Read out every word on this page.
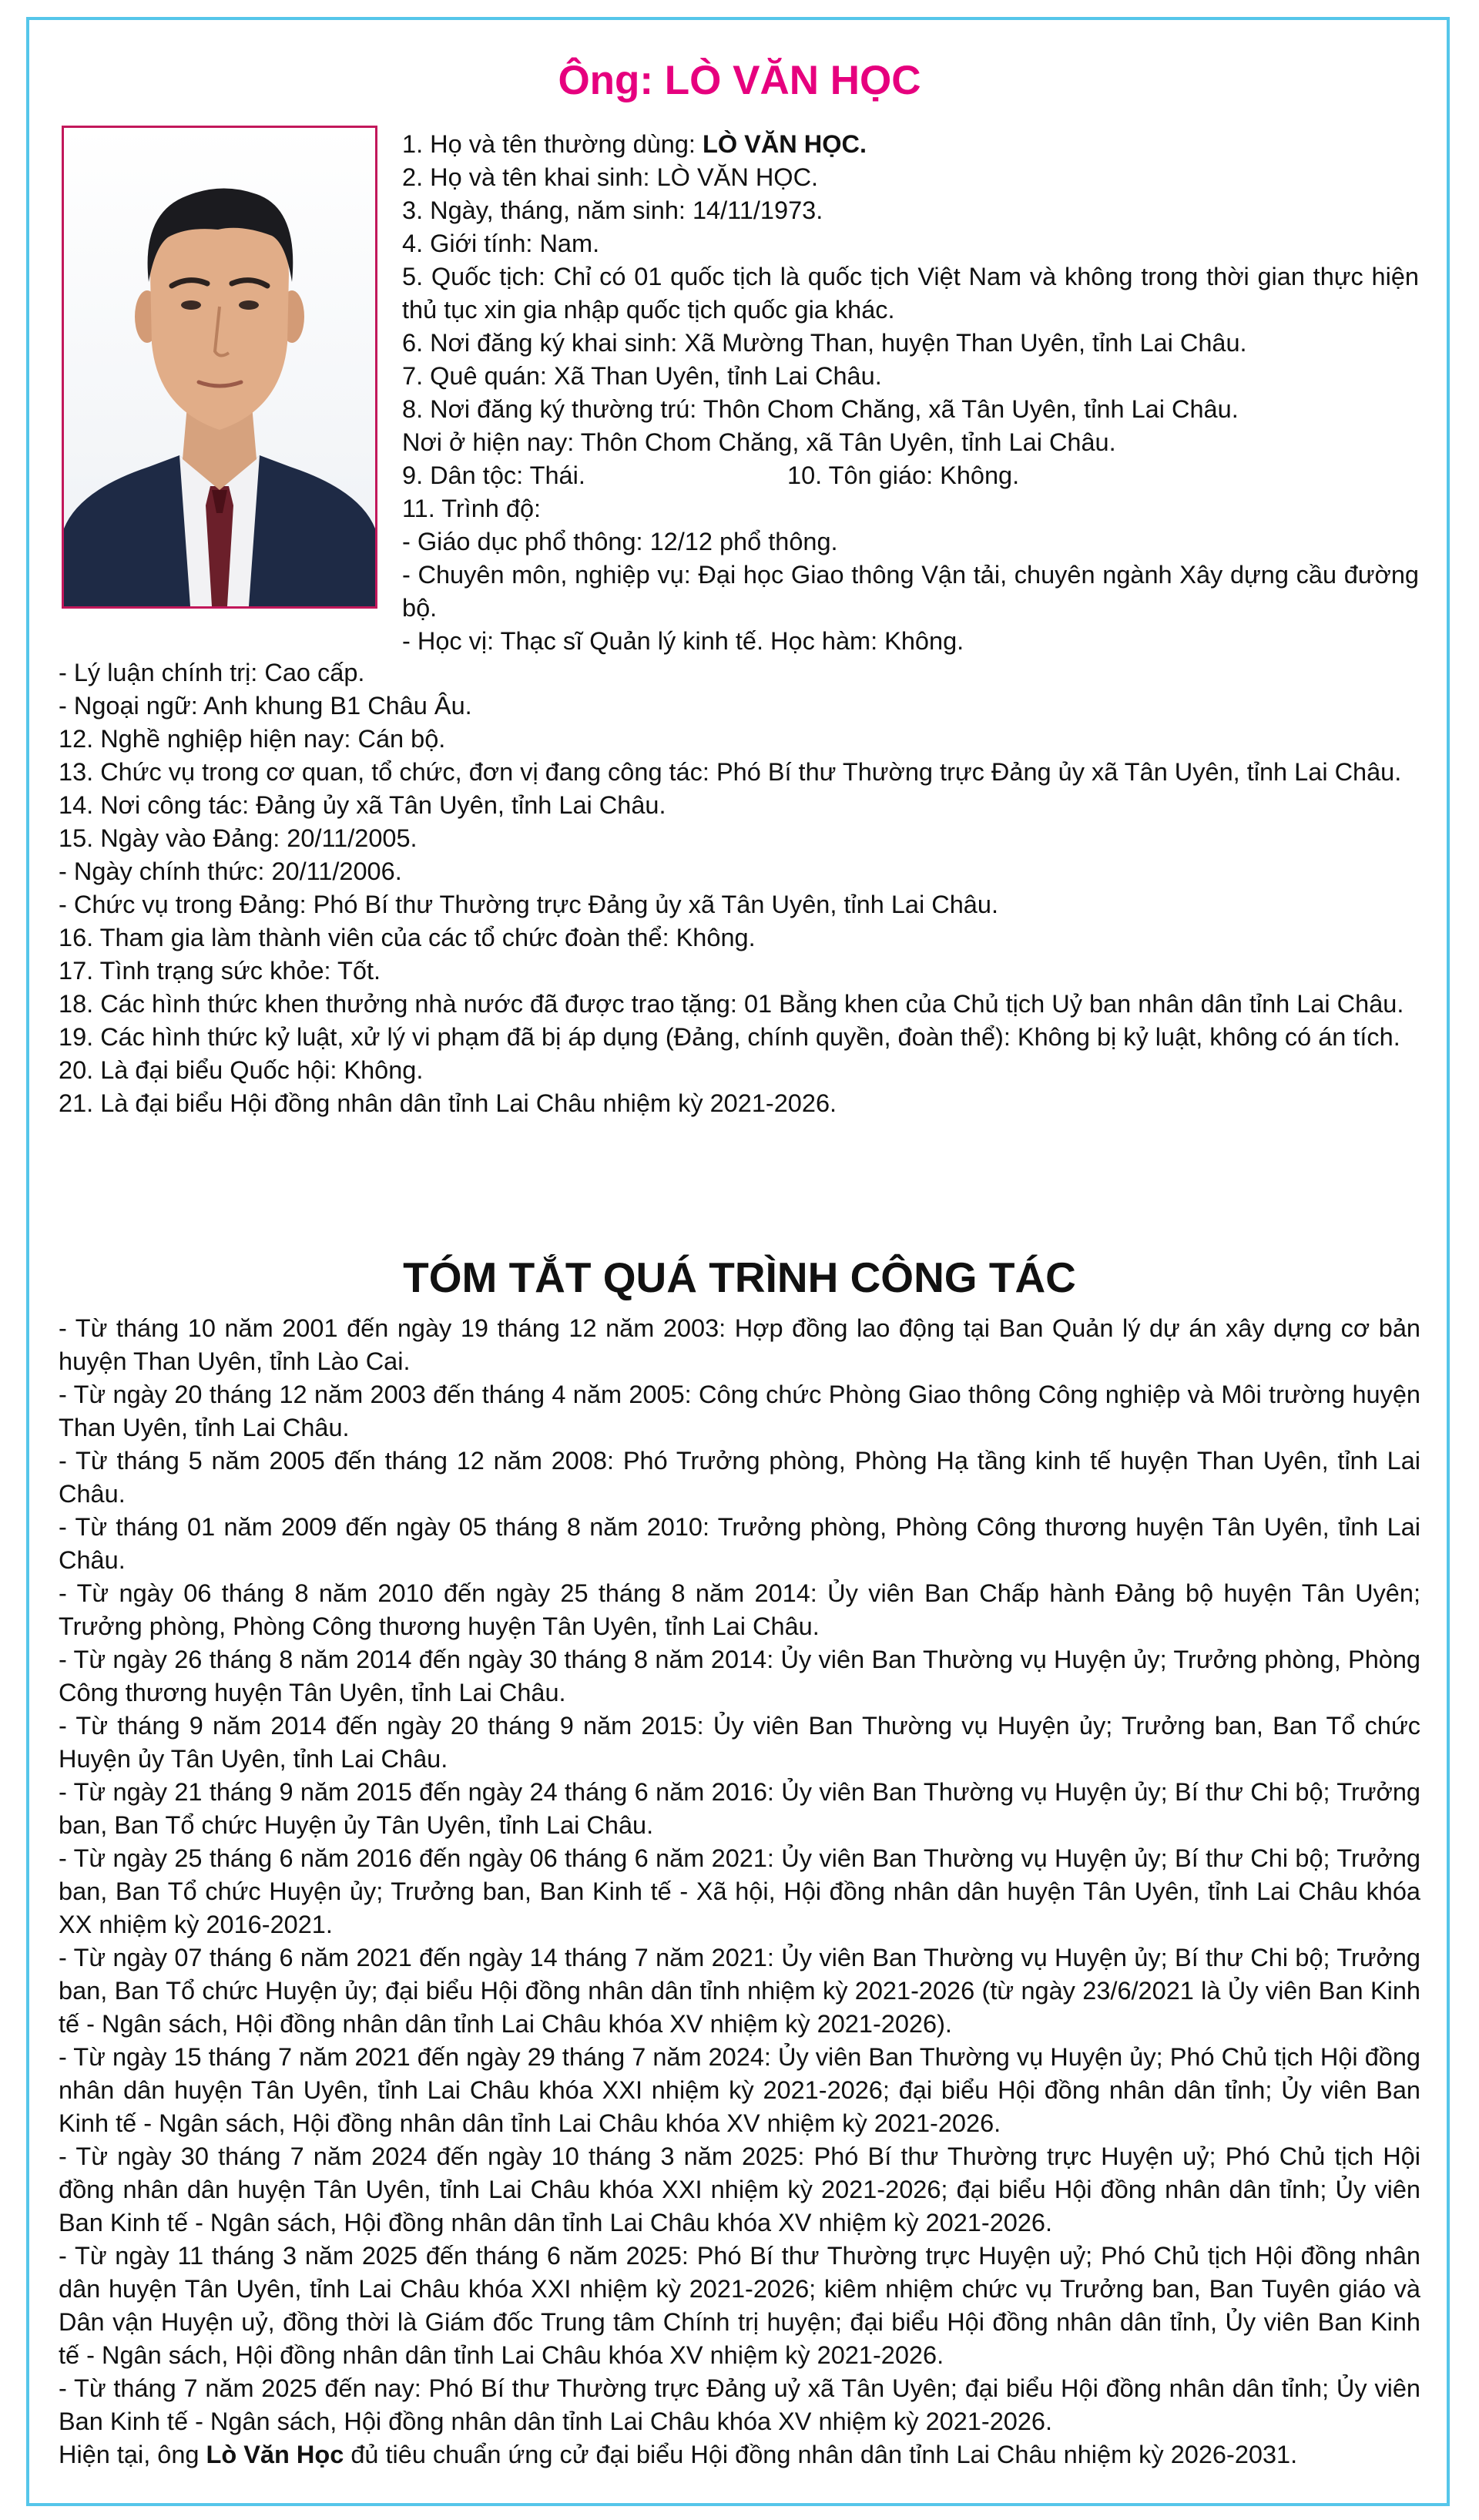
Ông: LÒ VĂN HỌC

1. Họ và tên thường dùng: LÒ VĂN HỌC.

2. Họ và tên khai sinh: LÒ VĂN HỌC.

3. Ngày, tháng, năm sinh: 14/11/1973.

4. Giới tính: Nam.

5. Quốc tịch: Chỉ có 01 quốc tịch là quốc tịch Việt Nam và không trong thời gian thực hiện thủ tục xin gia nhập quốc tịch quốc gia khác.

6. Nơi đăng ký khai sinh: Xã Mường Than, huyện Than Uyên, tỉnh Lai Châu.

7. Quê quán: Xã Than Uyên, tỉnh Lai Châu.

8. Nơi đăng ký thường trú: Thôn Chom Chăng, xã Tân Uyên, tỉnh Lai Châu.

Nơi ở hiện nay: Thôn Chom Chăng, xã Tân Uyên, tỉnh Lai Châu.

9. Dân tộc: Thái.	10. Tôn giáo: Không.

11. Trình độ:

- Giáo dục phổ thông: 12/12 phổ thông.

- Chuyên môn, nghiệp vụ: Đại học Giao thông Vận tải, chuyên ngành Xây dựng cầu đường bộ.

- Học vị: Thạc sĩ Quản lý kinh tế. Học hàm: Không.

- Lý luận chính trị: Cao cấp.

- Ngoại ngữ: Anh khung B1 Châu Âu.

12. Nghề nghiệp hiện nay: Cán bộ.

13. Chức vụ trong cơ quan, tổ chức, đơn vị đang công tác: Phó Bí thư Thường trực Đảng ủy xã Tân Uyên, tỉnh Lai Châu.

14. Nơi công tác: Đảng ủy xã Tân Uyên, tỉnh Lai Châu.

15. Ngày vào Đảng: 20/11/2005.

- Ngày chính thức: 20/11/2006.

- Chức vụ trong Đảng: Phó Bí thư Thường trực Đảng ủy xã Tân Uyên, tỉnh Lai Châu.

16. Tham gia làm thành viên của các tổ chức đoàn thể: Không.

17. Tình trạng sức khỏe: Tốt.

18. Các hình thức khen thưởng nhà nước đã được trao tặng: 01 Bằng khen của Chủ tịch Uỷ ban nhân dân tỉnh Lai Châu.

19. Các hình thức kỷ luật, xử lý vi phạm đã bị áp dụng (Đảng, chính quyền, đoàn thể): Không bị kỷ luật, không có án tích.

20. Là đại biểu Quốc hội: Không.

21. Là đại biểu Hội đồng nhân dân tỉnh Lai Châu nhiệm kỳ 2021-2026.

TÓM TẮT QUÁ TRÌNH CÔNG TÁC

- Từ tháng 10 năm 2001 đến ngày 19 tháng 12 năm 2003: Hợp đồng lao động tại Ban Quản lý dự án xây dựng cơ bản huyện Than Uyên, tỉnh Lào Cai.

- Từ ngày 20 tháng 12 năm 2003 đến tháng 4 năm 2005: Công chức Phòng Giao thông Công nghiệp và Môi trường huyện Than Uyên, tỉnh Lai Châu.

- Từ tháng 5 năm 2005 đến tháng 12 năm 2008: Phó Trưởng phòng, Phòng Hạ tầng kinh tế huyện Than Uyên, tỉnh Lai Châu.

- Từ tháng 01 năm 2009 đến ngày 05 tháng 8 năm 2010: Trưởng phòng, Phòng Công thương huyện Tân Uyên, tỉnh Lai Châu.

- Từ ngày 06 tháng 8 năm 2010 đến ngày 25 tháng 8 năm 2014: Ủy viên Ban Chấp hành Đảng bộ huyện Tân Uyên; Trưởng phòng, Phòng Công thương huyện Tân Uyên, tỉnh Lai Châu.

- Từ ngày 26 tháng 8 năm 2014 đến ngày 30 tháng 8 năm 2014: Ủy viên Ban Thường vụ Huyện ủy; Trưởng phòng, Phòng Công thương huyện Tân Uyên, tỉnh Lai Châu.

- Từ tháng 9 năm 2014 đến ngày 20 tháng 9 năm 2015: Ủy viên Ban Thường vụ Huyện ủy; Trưởng ban, Ban Tổ chức Huyện ủy Tân Uyên, tỉnh Lai Châu.

- Từ ngày 21 tháng 9 năm 2015 đến ngày 24 tháng 6 năm 2016: Ủy viên Ban Thường vụ Huyện ủy; Bí thư Chi bộ; Trưởng ban, Ban Tổ chức Huyện ủy Tân Uyên, tỉnh Lai Châu.

- Từ ngày 25 tháng 6 năm 2016 đến ngày 06 tháng 6 năm 2021: Ủy viên Ban Thường vụ Huyện ủy; Bí thư Chi bộ; Trưởng ban, Ban Tổ chức Huyện ủy; Trưởng ban, Ban Kinh tế - Xã hội, Hội đồng nhân dân huyện Tân Uyên, tỉnh Lai Châu khóa XX nhiệm kỳ 2016-2021.

- Từ ngày 07 tháng 6 năm 2021 đến ngày 14 tháng 7 năm 2021: Ủy viên Ban Thường vụ Huyện ủy; Bí thư Chi bộ; Trưởng ban, Ban Tổ chức Huyện ủy; đại biểu Hội đồng nhân dân tỉnh nhiệm kỳ 2021-2026 (từ ngày 23/6/2021 là Ủy viên Ban Kinh tế - Ngân sách, Hội đồng nhân dân tỉnh Lai Châu khóa XV nhiệm kỳ 2021-2026).

- Từ ngày 15 tháng 7 năm 2021 đến ngày 29 tháng 7 năm 2024: Ủy viên Ban Thường vụ Huyện ủy; Phó Chủ tịch Hội đồng nhân dân huyện Tân Uyên, tỉnh Lai Châu khóa XXI nhiệm kỳ 2021-2026; đại biểu Hội đồng nhân dân tỉnh; Ủy viên Ban Kinh tế - Ngân sách, Hội đồng nhân dân tỉnh Lai Châu khóa XV nhiệm kỳ 2021-2026.

- Từ ngày 30 tháng 7 năm 2024 đến ngày 10 tháng 3 năm 2025: Phó Bí thư Thường trực Huyện uỷ; Phó Chủ tịch Hội đồng nhân dân huyện Tân Uyên, tỉnh Lai Châu khóa XXI nhiệm kỳ 2021-2026; đại biểu Hội đồng nhân dân tỉnh; Ủy viên Ban Kinh tế - Ngân sách, Hội đồng nhân dân tỉnh Lai Châu khóa XV nhiệm kỳ 2021-2026.

- Từ ngày 11 tháng 3 năm 2025 đến tháng 6 năm 2025: Phó Bí thư Thường trực Huyện uỷ; Phó Chủ tịch Hội đồng nhân dân huyện Tân Uyên, tỉnh Lai Châu khóa XXI nhiệm kỳ 2021-2026; kiêm nhiệm chức vụ Trưởng ban, Ban Tuyên giáo và Dân vận Huyện uỷ, đồng thời là Giám đốc Trung tâm Chính trị huyện; đại biểu Hội đồng nhân dân tỉnh, Ủy viên Ban Kinh tế - Ngân sách, Hội đồng nhân dân tỉnh Lai Châu khóa XV nhiệm kỳ 2021-2026.

- Từ tháng 7 năm 2025 đến nay: Phó Bí thư Thường trực Đảng uỷ xã Tân Uyên; đại biểu Hội đồng nhân dân tỉnh; Ủy viên Ban Kinh tế - Ngân sách, Hội đồng nhân dân tỉnh Lai Châu khóa XV nhiệm kỳ 2021-2026.

Hiện tại, ông Lò Văn Học đủ tiêu chuẩn ứng cử đại biểu Hội đồng nhân dân tỉnh Lai Châu nhiệm kỳ 2026-2031.
